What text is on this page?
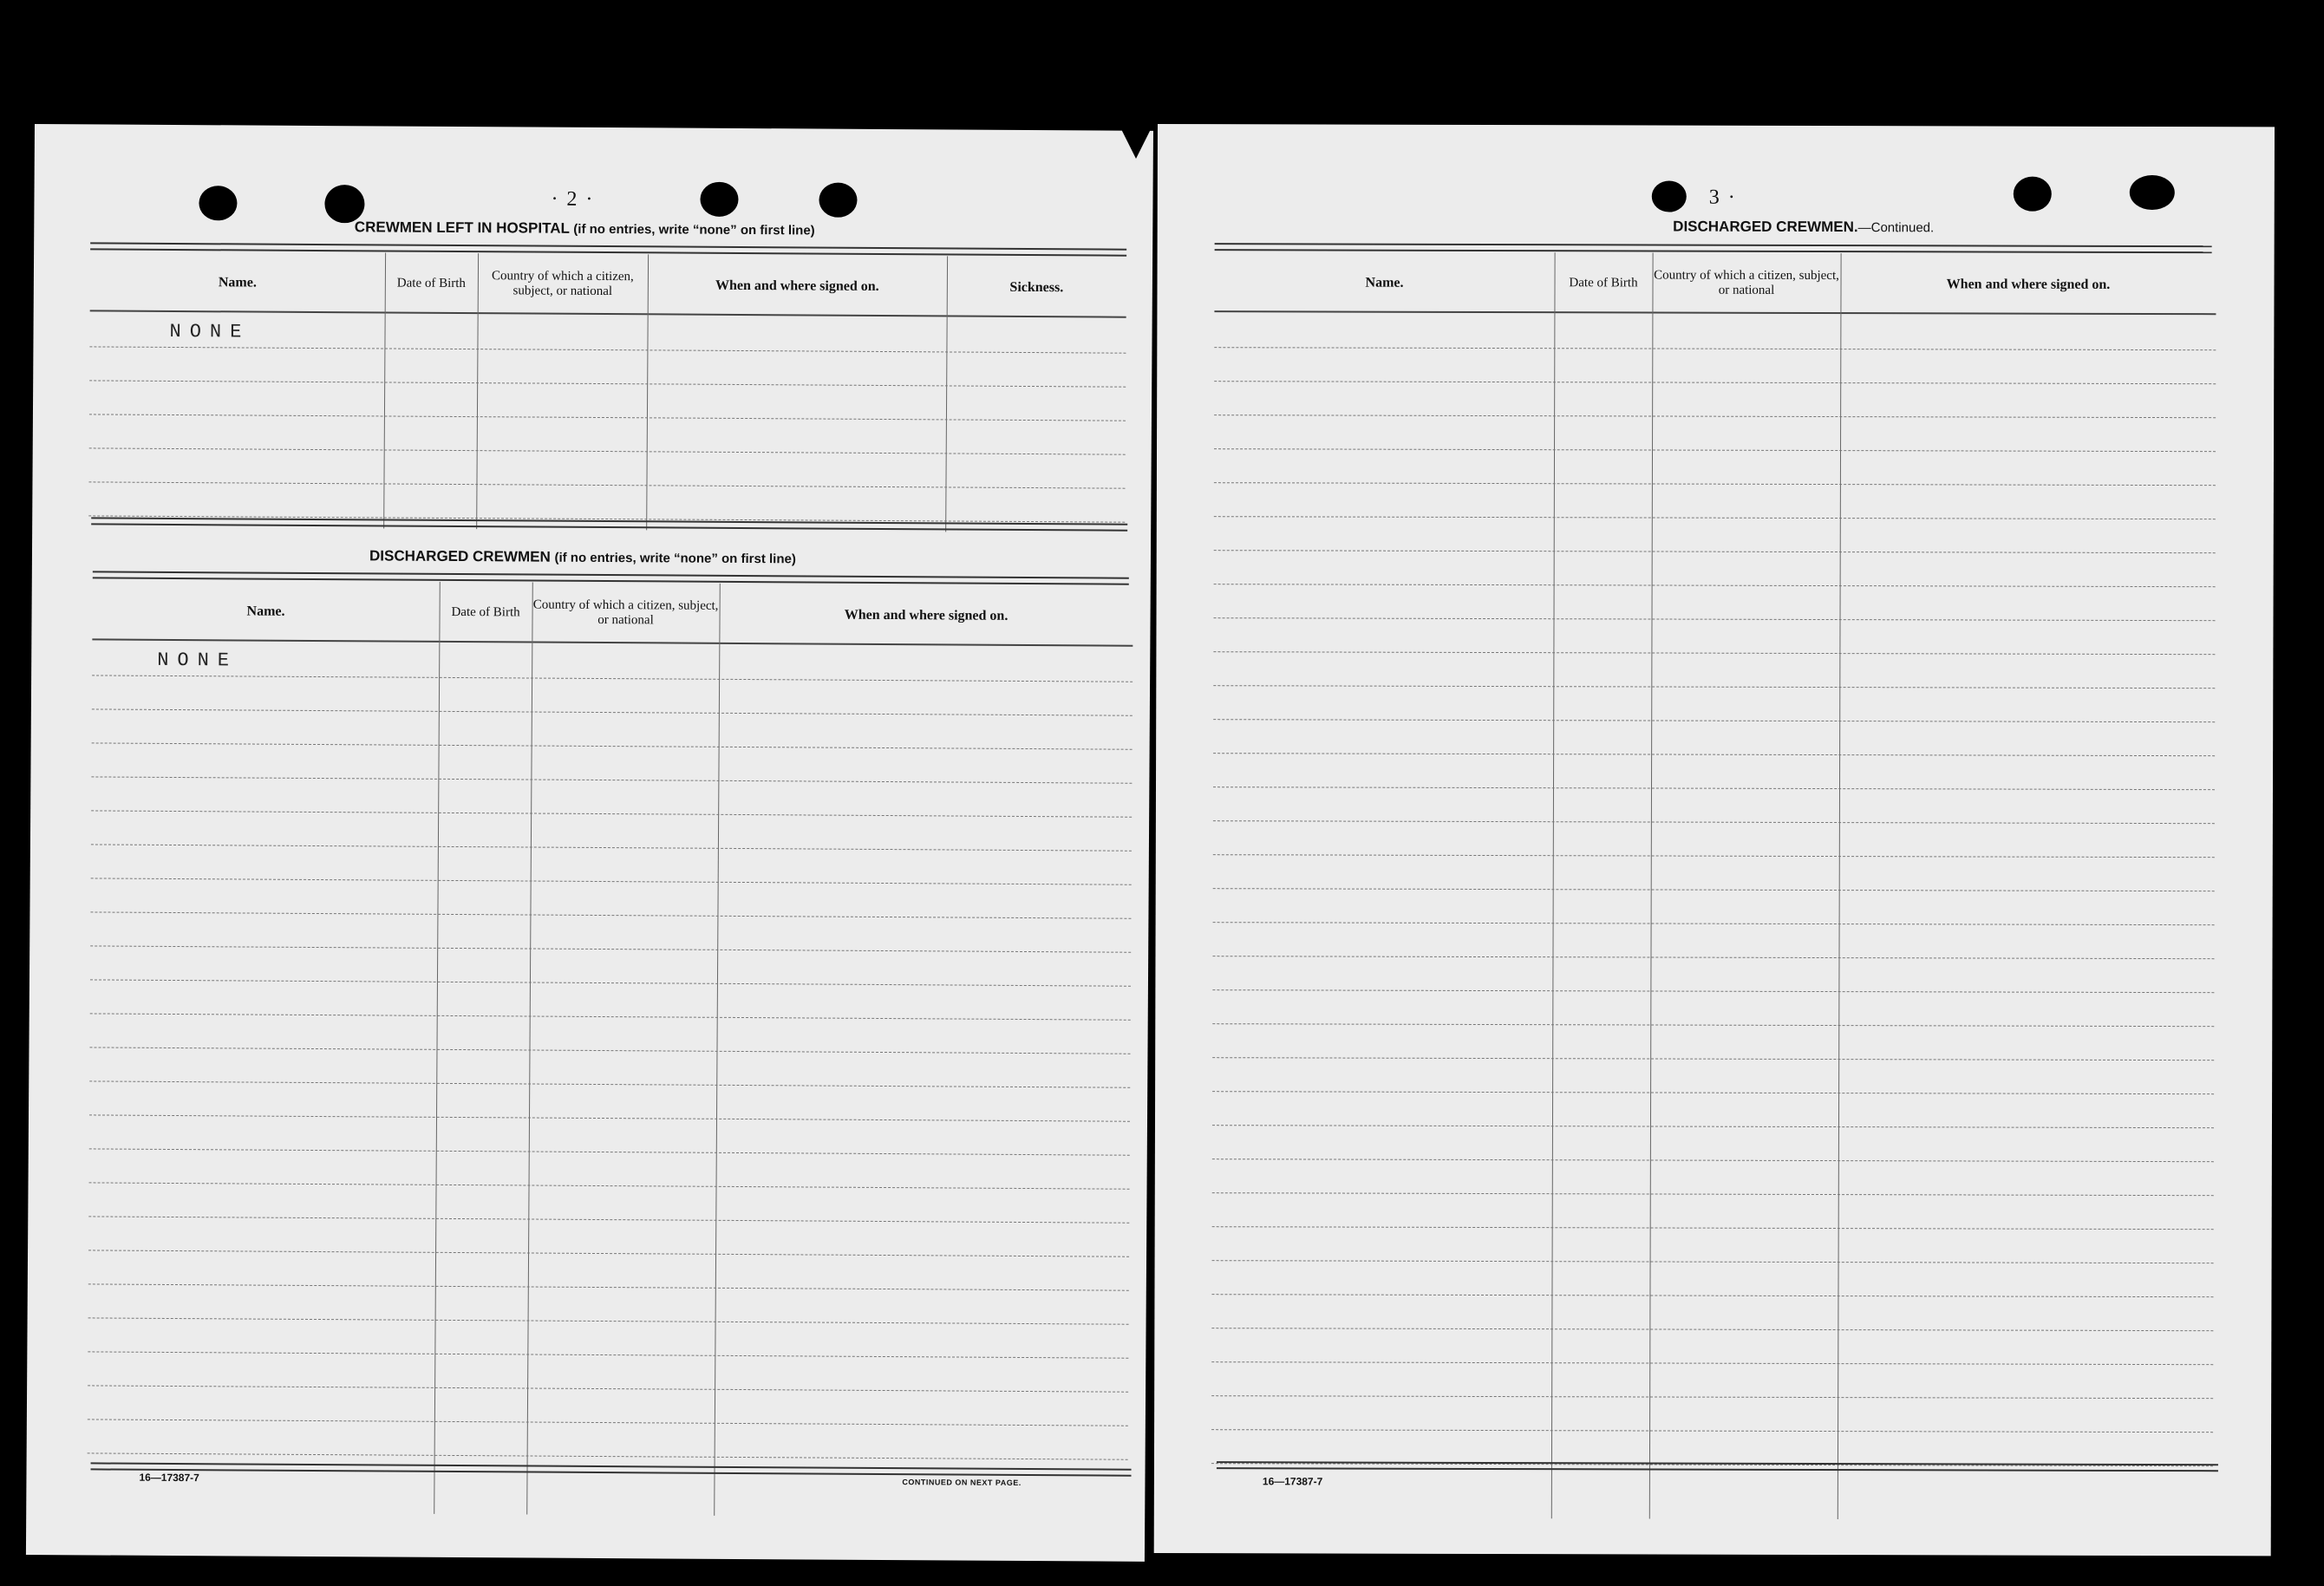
· 2 ·
CREWMEN LEFT IN HOSPITAL (if no entries, write “none” on first line)
Name.	Date of Birth	Country of which a citizen, subject, or national	When and where signed on.	Sickness.
NONE
DISCHARGED CREWMEN (if no entries, write “none” on first line)
Name.	Date of Birth	Country of which a citizen, subject, or national	When and where signed on.
NONE
16—17387-7	CONTINUED ON NEXT PAGE.
3 ·
DISCHARGED CREWMEN.—Continued.
Name.	Date of Birth	Country of which a citizen, subject, or national	When and where signed on.
16—17387-7
